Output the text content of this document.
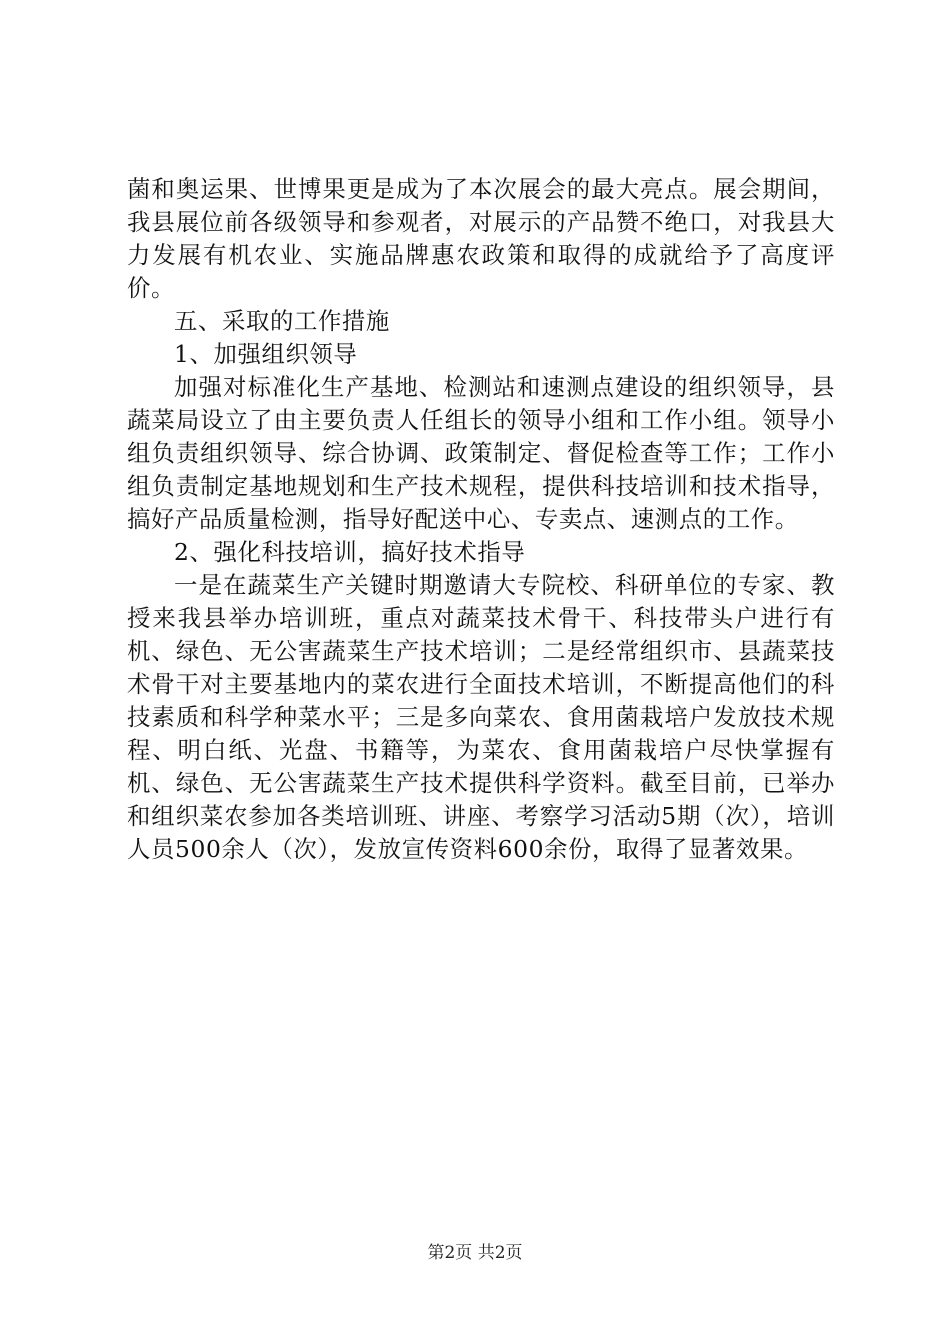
菌和奥运果、世博果更是成为了本次展会的最大亮点。展会期间，我县展位前各级领导和参观者，对展示的产品赞不绝口，对我县大力发展有机农业、实施品牌惠农政策和取得的成就给予了高度评价。

五、采取的工作措施

1、加强组织领导

加强对标准化生产基地、检测站和速测点建设的组织领导，县蔬菜局设立了由主要负责人任组长的领导小组和工作小组。领导小组负责组织领导、综合协调、政策制定、督促检查等工作；工作小组负责制定基地规划和生产技术规程，提供科技培训和技术指导，搞好产品质量检测，指导好配送中心、专卖点、速测点的工作。

2、强化科技培训，搞好技术指导

一是在蔬菜生产关键时期邀请大专院校、科研单位的专家、教授来我县举办培训班，重点对蔬菜技术骨干、科技带头户进行有机、绿色、无公害蔬菜生产技术培训；二是经常组织市、县蔬菜技术骨干对主要基地内的菜农进行全面技术培训，不断提高他们的科技素质和科学种菜水平；三是多向菜农、食用菌栽培户发放技术规程、明白纸、光盘、书籍等，为菜农、食用菌栽培户尽快掌握有机、绿色、无公害蔬菜生产技术提供科学资料。截至目前，已举办和组织菜农参加各类培训班、讲座、考察学习活动5期（次），培训人员500余人（次），发放宣传资料600余份，取得了显著效果。

第2页 共2页
